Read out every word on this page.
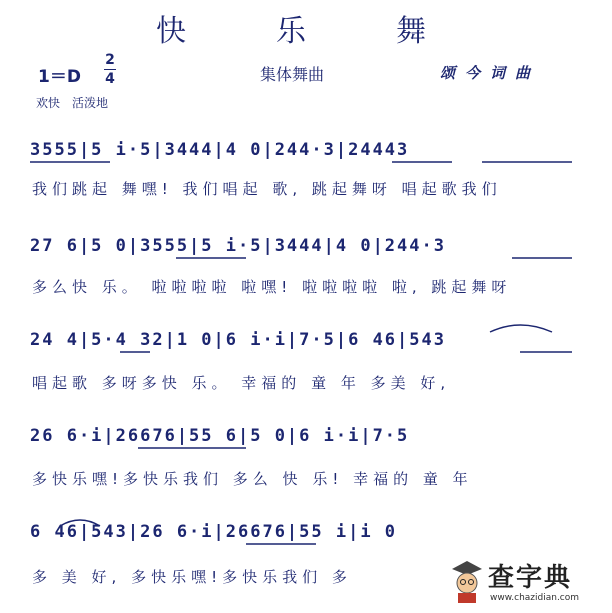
快　乐　舞
1＝D
2
4	集体舞曲	颂今词曲
欢快　活泼地
3555|5 i·5|3444|4 0|244·3|24443
我们跳起 舞嘿! 我们唱起 歌, 跳起舞呀 唱起歌我们
27 6|5 0|3555|5 i·5|3444|4 0|244·3
多么快 乐。 啦啦啦啦 啦嘿! 啦啦啦啦 啦, 跳起舞呀
24 4|5·4 32|1 0|6 i·i|7·5|6 46|543
唱起歌 多呀多快 乐。 幸福的 童 年 多美 好,
26 6·i|26676|55 6|5 0|6 i·i|7·5
多快乐嘿!多快乐我们 多么 快 乐! 幸福的 童 年
6 46|543|26 6·i|26676|55 i|i 0
多 美 好, 多快乐嘿!多快乐我们 多	查字典
www.chazidian.com
